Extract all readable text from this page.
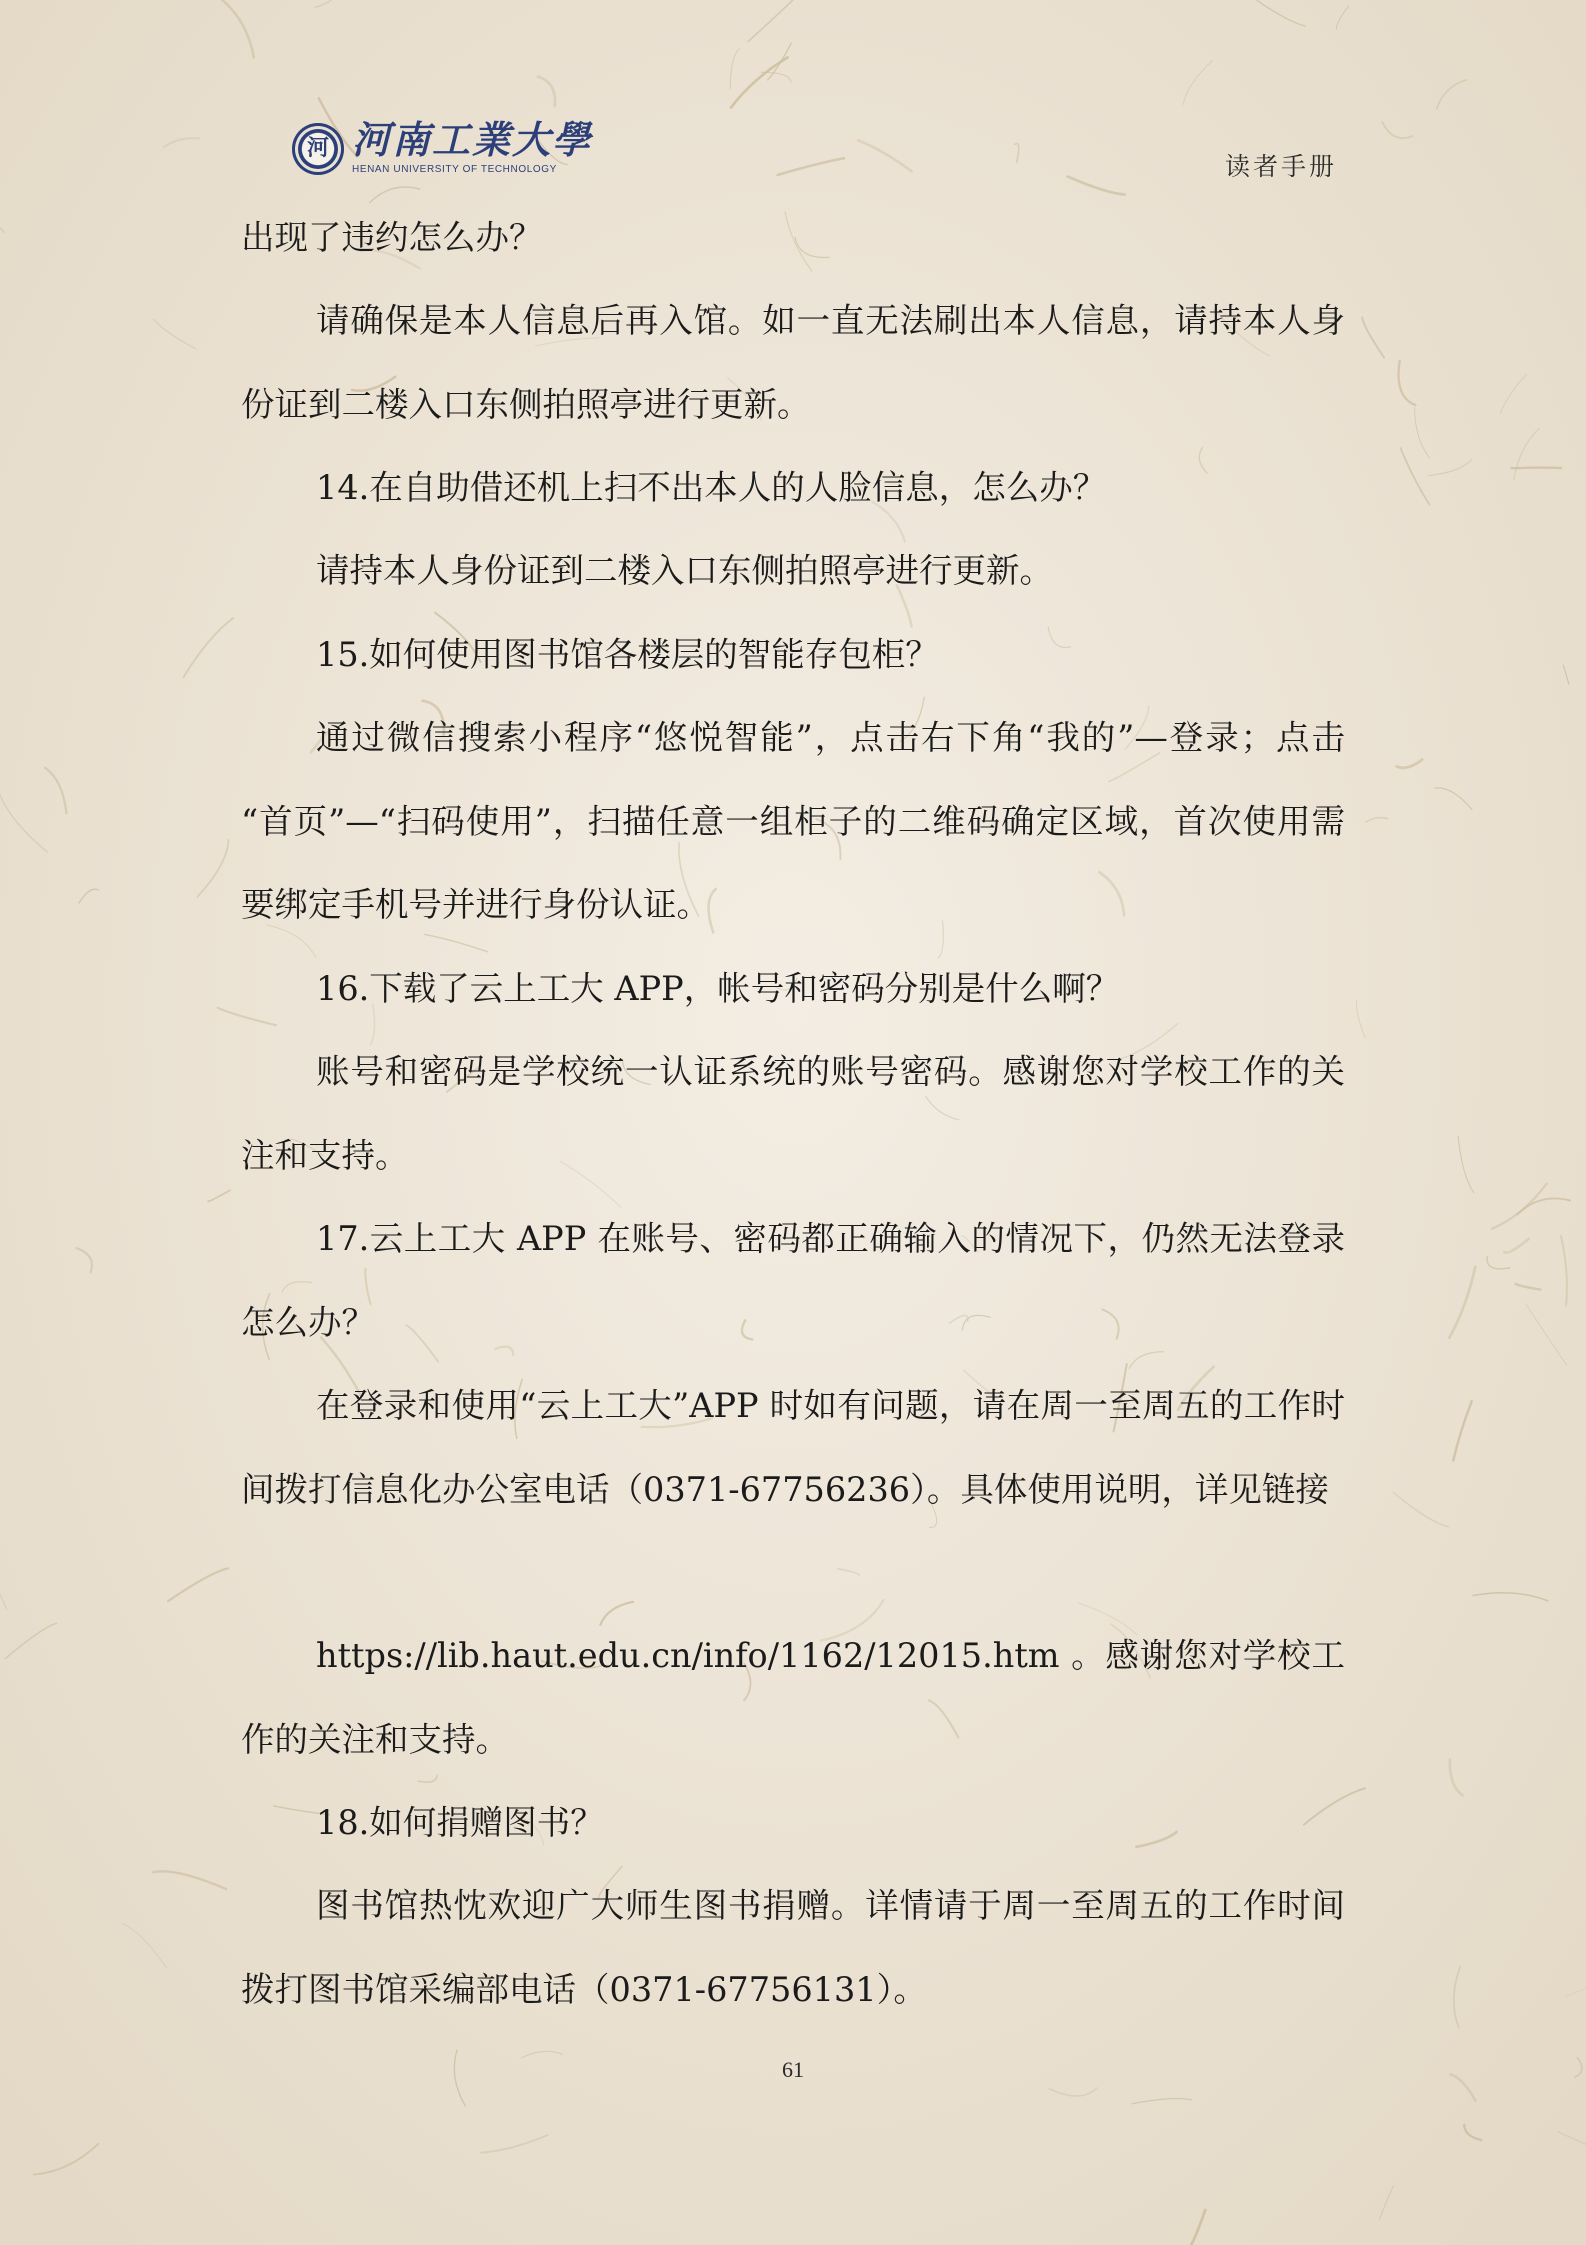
河 河南工業大學
HENAN UNIVERSITY OF TECHNOLOGY	读者手册

出现了违约怎么办？

请确保是本人信息后再入馆。如一直无法刷出本人信息，请持本人身份证到二楼入口东侧拍照亭进行更新。

14.在自助借还机上扫不出本人的人脸信息，怎么办？

请持本人身份证到二楼入口东侧拍照亭进行更新。

15.如何使用图书馆各楼层的智能存包柜？

通过微信搜索小程序“悠悦智能”，点击右下角“我的”—登录；点击 “首页”—“扫码使用”，扫描任意一组柜子的二维码确定区域，首次使用需要绑定手机号并进行身份认证。

16.下载了云上工大 APP，帐号和密码分别是什么啊？

账号和密码是学校统一认证系统的账号密码。感谢您对学校工作的关注和支持。

17.云上工大 APP 在账号、密码都正确输入的情况下，仍然无法登录怎么办？

在登录和使用“云上工大”APP 时如有问题，请在周一至周五的工作时间拨打信息化办公室电话（0371-67756236）。具体使用说明，详见链接

https://lib.haut.edu.cn/info/1162/12015.htm 。感谢您对学校工作的关注和支持。

18.如何捐赠图书？

图书馆热忱欢迎广大师生图书捐赠。详情请于周一至周五的工作时间拨打图书馆采编部电话（0371-67756131）。

61
